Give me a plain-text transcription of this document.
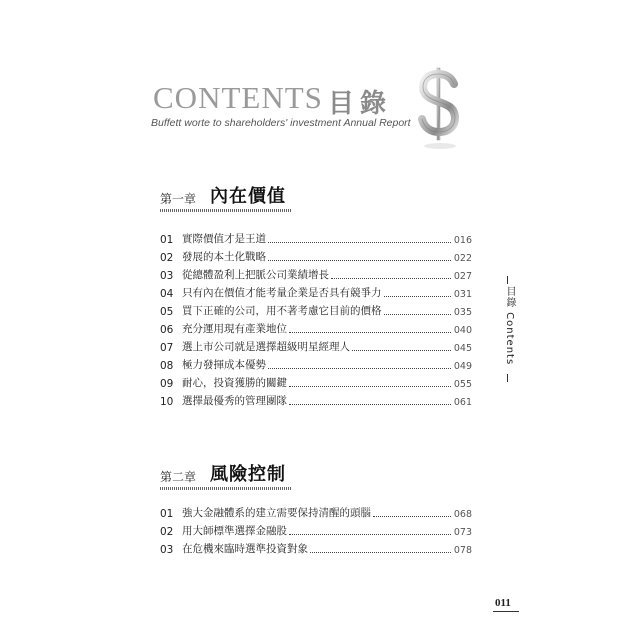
CONTENTS 目錄
Buffett worte to shareholders' investment Annual Report
第一章 內在價值
01 實際價值才是王道	016
02 發展的本土化戰略	022
03 從總體盈利上把脈公司業績增長	027
04 只有內在價值才能考量企業是否具有競爭力	031
05 買下正確的公司，用不著考慮它目前的價格	035
06 充分運用現有產業地位	040
07 選上市公司就是選擇超級明星經理人	045
08 極力發揮成本優勢	049
09 耐心，投資獲勝的關鍵	055
10 選擇最優秀的管理團隊	061
第二章 風險控制
01 強大金融體系的建立需要保持清醒的頭腦	068
02 用大師標準選擇金融股	073
03 在危機來臨時選準投資對象	078
目錄 Contents
011
